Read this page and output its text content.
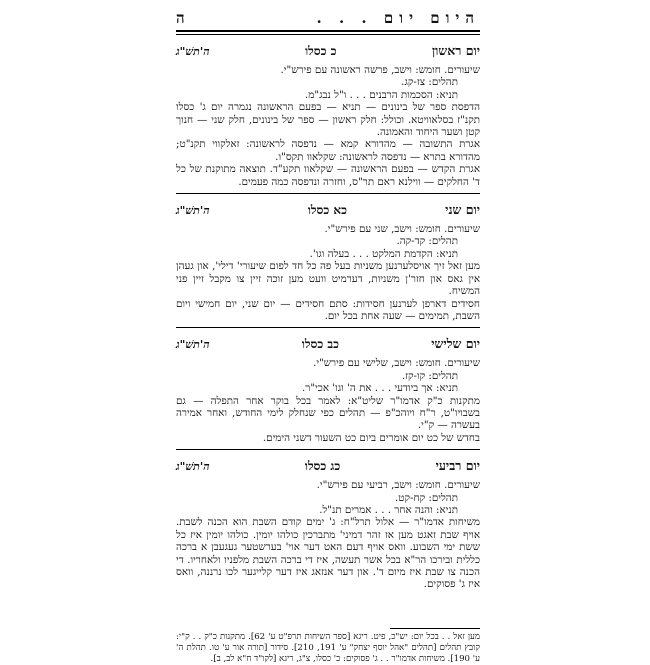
היום יום . . .
ה
יום ראשון
כ כסלו
ה'תשׁ"ג

שיעורים. חומש: וישב, פרשה ראשונה עם פירש"י.

תהלים: צז-קג.

תניא: הסכמות הרבנים . . . ו"ל נבג"מ.

הדפסת ספר של בינונים — תניא — בפעם הראשונה נגמרה יום ג' כסלו תקנ"ז בסלאוויטא. וכולל: חלק ראשון — ספר של בינונים, חלק שני — חנוך קטן ושער היחוד והאמונה.

אגרת התשובה — מהדורא קמא — נדפסה לראשונה: זאלקווי תקנ"ט; מהדורא בתרא — נדפסה לראשונה: שקלאוו תקס"ו.

אגרת הקדש — בפעם הראשונה — שקלאוו תקע"ד. תוצאה מתוקנת של כל ד' החלקים — ווילנא ראם תר"ס, וחזרה ונדפסה כמה פעמים.

יום שני
כא כסלו
ה'תשׁ"ג

שיעורים. חומש: וישב, שני עם פירש"י.

תהלים: קד-קה.

תניא: הקדמת המלקט . . . בעלה וגו'.

מען זאל זיך אויסלערנען משניות בעל פה כל חד לפום שיעורי' דילי', און געהן אין גאס און חזר'ן משניות, דערמיט וועט מען זוכה זיין צו מקבל זיין פני המשיח.

חסידים דארפן לערנען חסידות: סתם חסידים — יום שני, יום חמישי ויום השבת, תמימים — שעה אחת בכל יום.

יום שלישי
כב כסלו
ה'תשׁ"ג

שיעורים. חומש: וישב, שלישי עם פירש"י.

תהלים: קו-קז.

תניא: אך ביודעי . . . את ה' וגו' אכי"ר.

מתקנות כ"ק אדמו"ר שליט"א: לאמר בכל בוקר אחר התפלה — גם בשבויו"ט, ר"ח ויוהכ"פ — תהלים כפי שנחלק לימי החודש, ואחר אמירה בעשרה — ק"י.

בחדש של כט יום אומרים ביום כט השעור דשני הימים.

יום רביעי
כג כסלו
ה'תשׁ"ג

שיעורים. חומש: וישב, רביעי עם פירש"י.

תהלים: קח-קט.

תניא: והנה אחר . . . אמרים תנ"ל.

משיחות אדמו"ר — אלול תרל"ח: ג' ימים קודם השבת הוא הכנה לשבת. אויף שבת זאגט מען אז זהר דמיני' מתברכין כולהו יומין. כולהו יומין איז כל ששת ימי השבוע. וואס אויף דעם האט דער אוי' בערשטער געגעבן א ברכה כללית ובירכו הר"א בכל אשר תעשה, איז די ברכה השבת מלפניו ולאחריו. די הכנה צו שבת איז מיום ד'. און דער אנזאג איז דער קלייגער לכו נרננה, וואס איז ג' פסוקים.

מען זאל . . בכל יום: יש"כ, פיט. ריגא [ספר השיחות תרפ"ט ע' 62]. מתקנות כ"ק . . ק"י: קובץ תהלים [תהלים "אהל יוסף יצחק" ע' 191, 210]. סידור [תורה אור ע' טו. תהלת ה' ע' 190]. משיחות אדמו"ר . . ג' פסוקים: כ' כסלו, צ"ג, ריגא [לקו"ד ח"א לב, ב].
